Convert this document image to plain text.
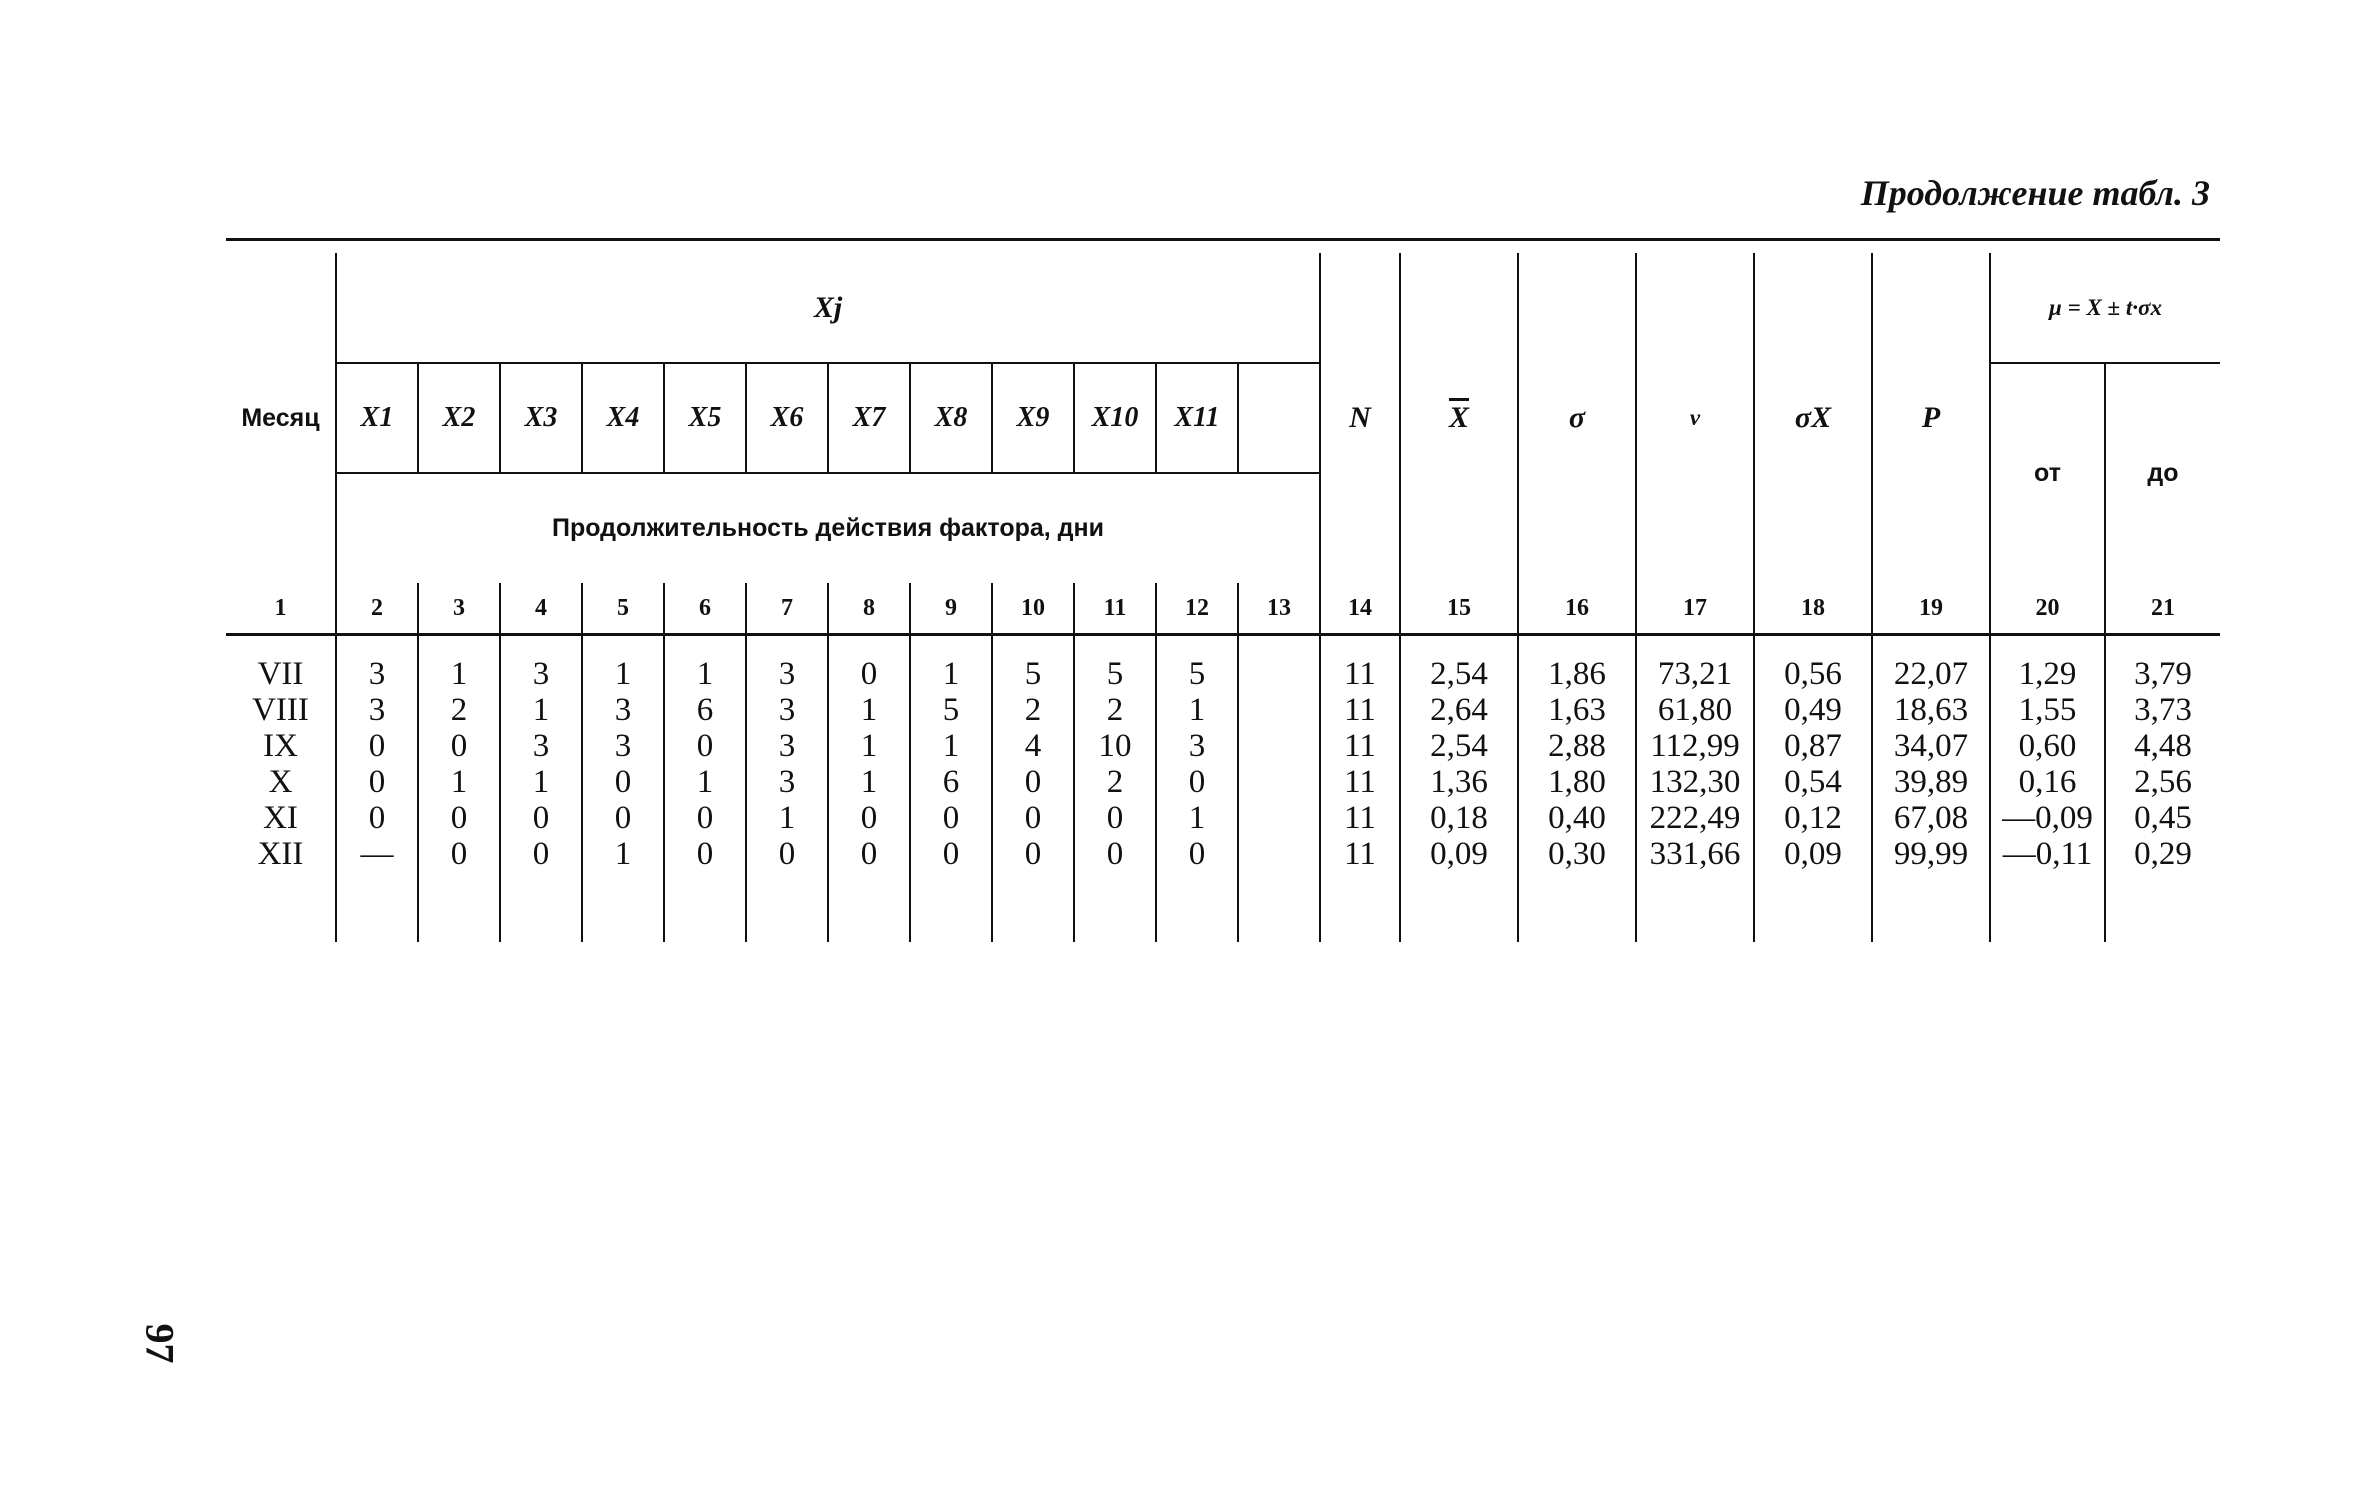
Продолжение табл. 3

Месяц	Xj												N	$\overline{X}$	σ	v	σX	P	μ = X ± t·σx	
	X1	X2	X3	X4	X5	X6	X7	X8	X9	X10	X11								от	до
	Продолжительность действия фактора, дни																			
1	2	3	4	5	6	7	8	9	10	11	12	13	14	15	16	17	18	19	20	21

VII	3	1	3	1	1	3	0	1	5	5	5		11	2,54	1,86	73,21	0,56	22,07	1,29	3,79
VIII	3	2	1	3	6	3	1	5	2	2	1		11	2,64	1,63	61,80	0,49	18,63	1,55	3,73
IX	0	0	3	3	0	3	1	1	4	10	3		11	2,54	2,88	112,99	0,87	34,07	0,60	4,48
X	0	1	1	0	1	3	1	6	0	2	0		11	1,36	1,80	132,30	0,54	39,89	0,16	2,56
XI	0	0	0	0	0	1	0	0	0	0	1		11	0,18	0,40	222,49	0,12	67,08	—0,09	0,45
XII	—	0	0	1	0	0	0	0	0	0	0		11	0,09	0,30	331,66	0,09	99,99	—0,11	0,29

97
